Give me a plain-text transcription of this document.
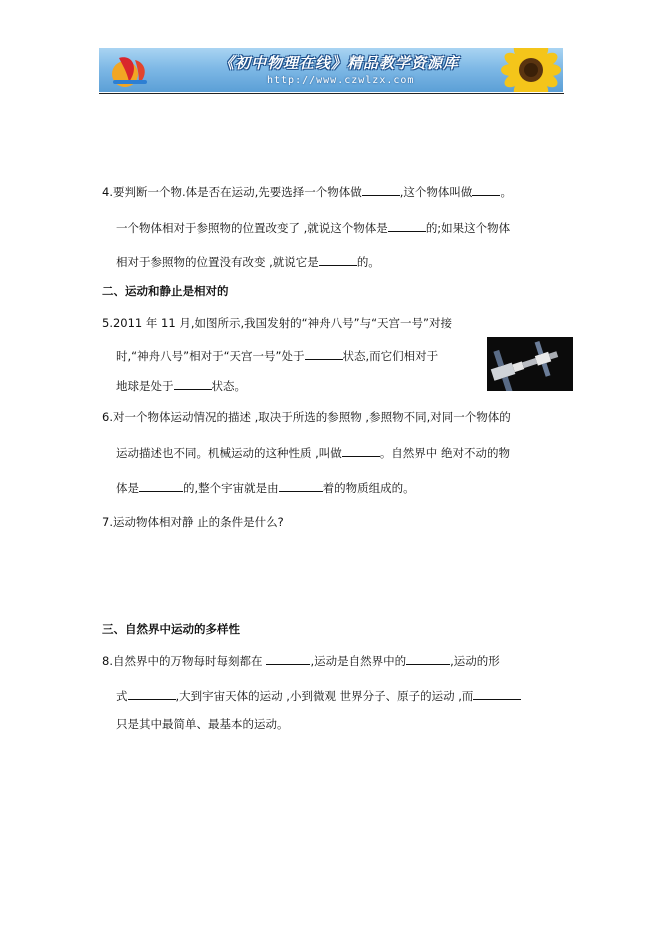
《初中物理在线》精品教学资源库
http://www.czwlzx.com
4.要判断一个物.体是否在运动,先要选择一个物体做	,这个物体叫做 。
一个物体相对于参照物的位置改变了 ,就说这个物体是	的;如果这个物体
相对于参照物的位置没有改变 ,就说它是	的。
二、运动和静止是相对的
5.2011 年 11 月,如图所示,我国发射的“神舟八号”与“天宫一号”对接
时,“神舟八号”相对于“天宫一号”处于	状态,而它们相对于
地球是处于	状态。
6.对一个物体运动情况的描述 ,取决于所选的参照物 ,参照物不同,对同一个物体的
运动描述也不同。机械运动的这种性质 ,叫做	。自然界中 绝对不动的物
体是	的,整个宇宙就是由	着的物质组成的。
7.运动物体相对静 止的条件是什么?
三、自然界中运动的多样性
8.自然界中的万物每时每刻都在	,运动是自然界中的	,运动的形
式	,大到宇宙天体的运动 ,小到微观 世界分子、原子的运动 ,而
只是其中最简单、最基本的运动。
